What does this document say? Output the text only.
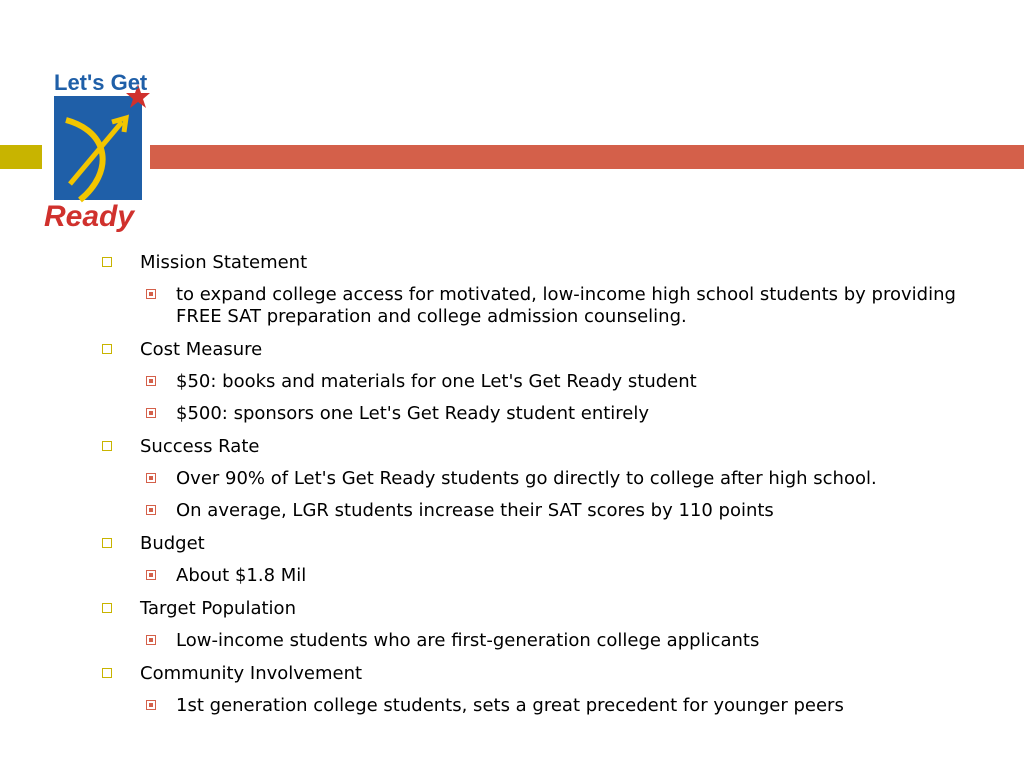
Let's Get
Ready
Mission Statement
to expand college access for motivated, low-income high school students by providing FREE SAT preparation and college admission counseling.
Cost Measure
$50: books and materials for one Let's Get Ready student
$500: sponsors one Let's Get Ready student entirely
Success Rate
Over 90% of Let's Get Ready students go directly to college after high school.
On average, LGR students increase their SAT scores by 110 points
Budget
About $1.8 Mil
Target Population
Low-income students who are first-generation college applicants
Community Involvement
1st generation college students, sets a great precedent for younger peers
